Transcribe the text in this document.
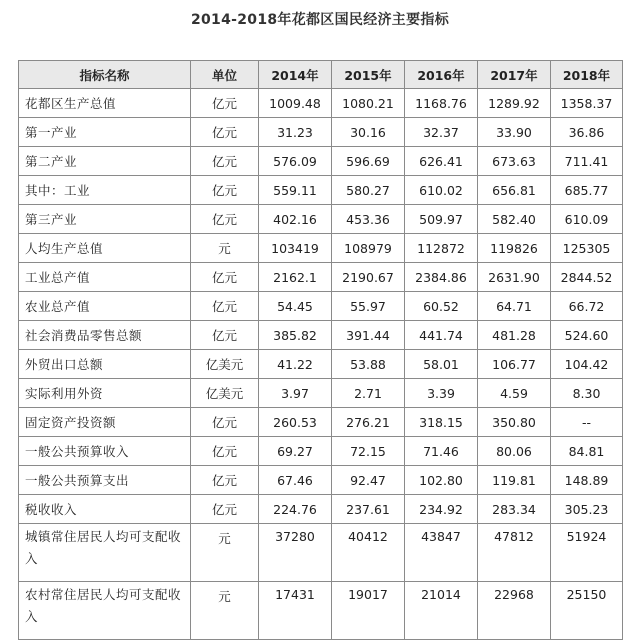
2014-2018年花都区国民经济主要指标
指标名称	单位	2014年	2015年	2016年	2017年	2018年
花都区生产总值	亿元	1009.48	1080.21	1168.76	1289.92	1358.37
第一产业	亿元	31.23	30.16	32.37	33.90	36.86
第二产业	亿元	576.09	596.69	626.41	673.63	711.41
其中：工业	亿元	559.11	580.27	610.02	656.81	685.77
第三产业	亿元	402.16	453.36	509.97	582.40	610.09
人均生产总值	元	103419	108979	112872	119826	125305
工业总产值	亿元	2162.1	2190.67	2384.86	2631.90	2844.52
农业总产值	亿元	54.45	55.97	60.52	64.71	66.72
社会消费品零售总额	亿元	385.82	391.44	441.74	481.28	524.60
外贸出口总额	亿美元	41.22	53.88	58.01	106.77	104.42
实际利用外资	亿美元	3.97	2.71	3.39	4.59	8.30
固定资产投资额	亿元	260.53	276.21	318.15	350.80	--
一般公共预算收入	亿元	69.27	72.15	71.46	80.06	84.81
一般公共预算支出	亿元	67.46	92.47	102.80	119.81	148.89
税收收入	亿元	224.76	237.61	234.92	283.34	305.23
城镇常住居民人均可支配收入	元	37280	40412	43847	47812	51924
农村常住居民人均可支配收入	元	17431	19017	21014	22968	25150
